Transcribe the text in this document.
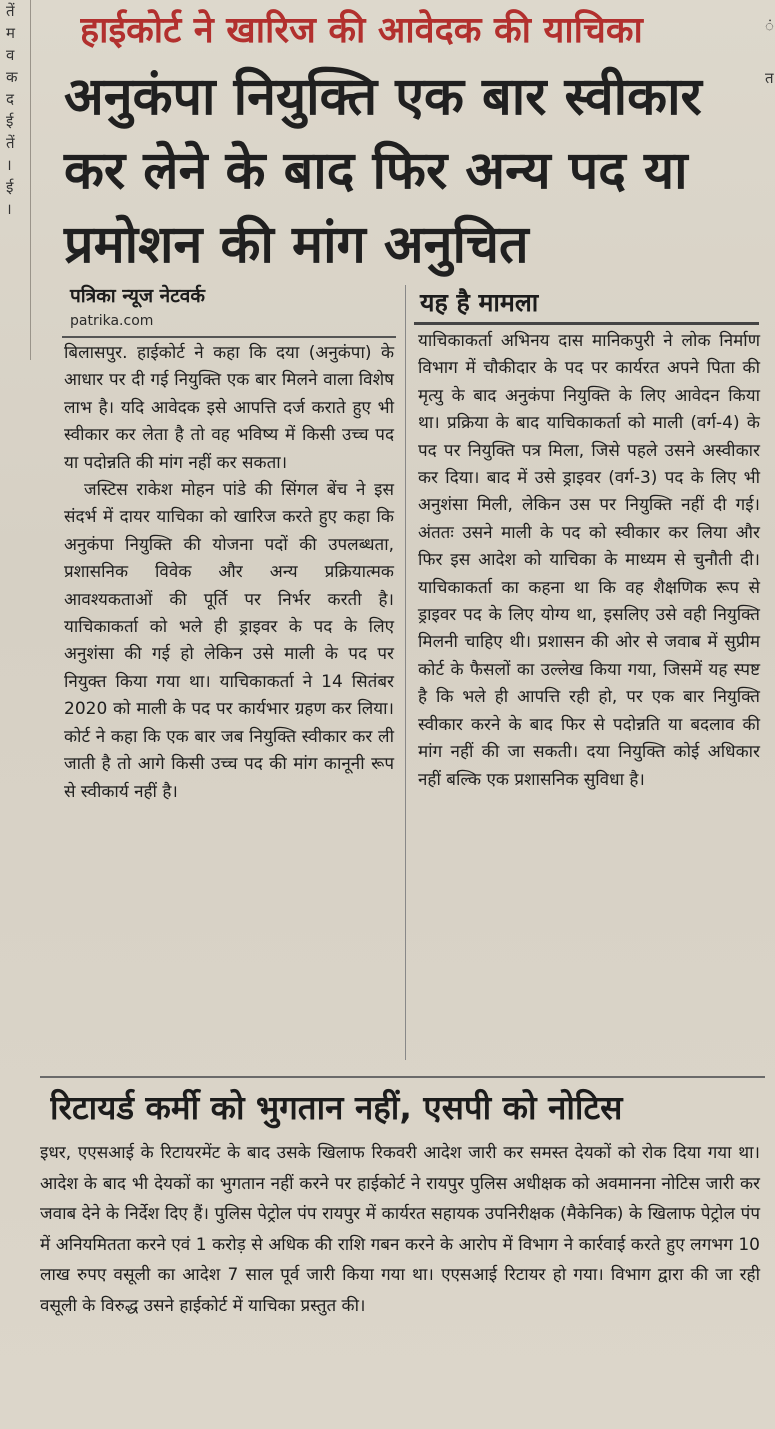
तें
म
व
क
द
ई
तें
।
ई
।
ं
त
हाईकोर्ट ने खारिज की आवेदक की याचिका
अनुकंपा नियुक्ति एक बार स्वीकार
कर लेने के बाद फिर अन्य पद या
प्रमोशन की मांग अनुचित
पत्रिका न्यूज नेटवर्क
patrika.com

बिलासपुर. हाईकोर्ट ने कहा कि दया (अनुकंपा) के आधार पर दी गई नियुक्ति एक बार मिलने वाला विशेष लाभ है। यदि आवेदक इसे आपत्ति दर्ज कराते हुए भी स्वीकार कर लेता है तो वह भविष्य में किसी उच्च पद या पदोन्नति की मांग नहीं कर सकता।

जस्टिस राकेश मोहन पांडे की सिंगल बेंच ने इस संदर्भ में दायर याचिका को खारिज करते हुए कहा कि अनुकंपा नियुक्ति की योजना पदों की उपलब्धता, प्रशासनिक विवेक और अन्य प्रक्रियात्मक आवश्यकताओं की पूर्ति पर निर्भर करती है। याचिकाकर्ता को भले ही ड्राइवर के पद के लिए अनुशंसा की गई हो लेकिन उसे माली के पद पर नियुक्त किया गया था। याचिकाकर्ता ने 14 सितंबर 2020 को माली के पद पर कार्यभार ग्रहण कर लिया। कोर्ट ने कहा कि एक बार जब नियुक्ति स्वीकार कर ली जाती है तो आगे किसी उच्च पद की मांग कानूनी रूप से स्वीकार्य नहीं है।

यह है मामला

याचिकाकर्ता अभिनय दास मानिकपुरी ने लोक निर्माण विभाग में चौकीदार के पद पर कार्यरत अपने पिता की मृत्यु के बाद अनुकंपा नियुक्ति के लिए आवेदन किया था। प्रक्रिया के बाद याचिकाकर्ता को माली (वर्ग-4) के पद पर नियुक्ति पत्र मिला, जिसे पहले उसने अस्वीकार कर दिया। बाद में उसे ड्राइवर (वर्ग-3) पद के लिए भी अनुशंसा मिली, लेकिन उस पर नियुक्ति नहीं दी गई। अंततः उसने माली के पद को स्वीकार कर लिया और फिर इस आदेश को याचिका के माध्यम से चुनौती दी। याचिकाकर्ता का कहना था कि वह शैक्षणिक रूप से ड्राइवर पद के लिए योग्य था, इसलिए उसे वही नियुक्ति मिलनी चाहिए थी। प्रशासन की ओर से जवाब में सुप्रीम कोर्ट के फैसलों का उल्लेख किया गया, जिसमें यह स्पष्ट है कि भले ही आपत्ति रही हो, पर एक बार नियुक्ति स्वीकार करने के बाद फिर से पदोन्नति या बदलाव की मांग नहीं की जा सकती। दया नियुक्ति कोई अधिकार नहीं बल्कि एक प्रशासनिक सुविधा है।

रिटायर्ड कर्मी को भुगतान नहीं, एसपी को नोटिस

इधर, एएसआई के रिटायरमेंट के बाद उसके खिलाफ रिकवरी आदेश जारी कर समस्त देयकों को रोक दिया गया था। आदेश के बाद भी देयकों का भुगतान नहीं करने पर हाईकोर्ट ने रायपुर पुलिस अधीक्षक को अवमानना नोटिस जारी कर जवाब देने के निर्देश दिए हैं। पुलिस पेट्रोल पंप रायपुर में कार्यरत सहायक उपनिरीक्षक (मैकेनिक) के खिलाफ पेट्रोल पंप में अनियमितता करने एवं 1 करोड़ से अधिक की राशि गबन करने के आरोप में विभाग ने कार्रवाई करते हुए लगभग 10 लाख रुपए वसूली का आदेश 7 साल पूर्व जारी किया गया था। एएसआई रिटायर हो गया। विभाग द्वारा की जा रही वसूली के विरुद्ध उसने हाईकोर्ट में याचिका प्रस्तुत की।
